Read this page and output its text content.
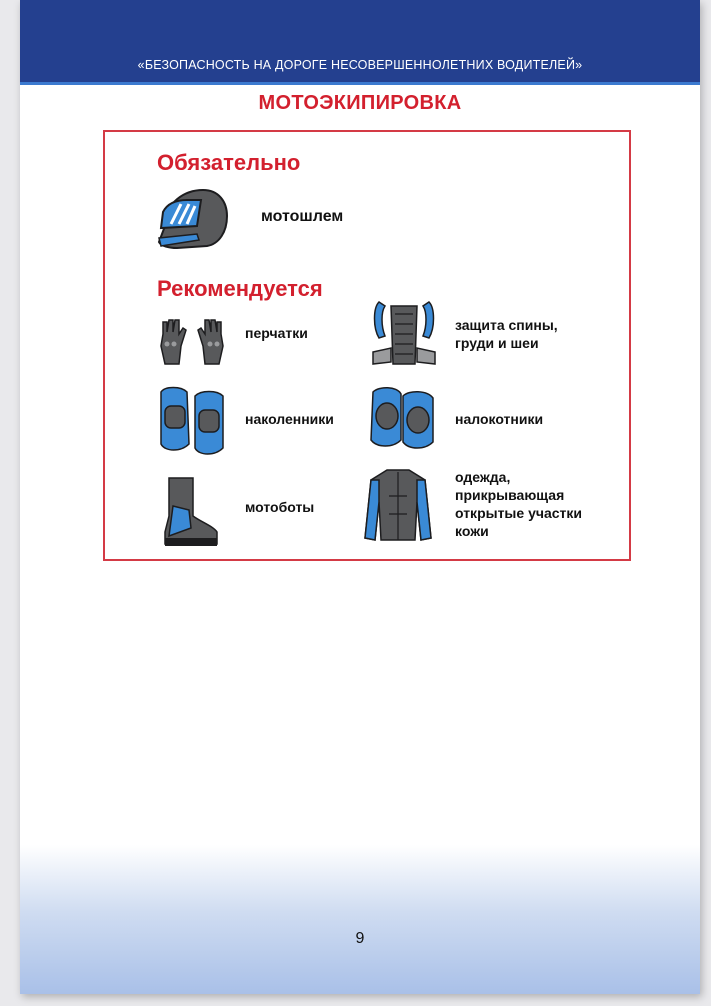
«БЕЗОПАСНОСТЬ НА ДОРОГЕ НЕСОВЕРШЕННОЛЕТНИХ ВОДИТЕЛЕЙ»
МОТОЭКИПИРОВКА
Обязательно
мотошлем
Рекомендуется
перчатки	защита спины, груди и шеи
наколенники	налокотники
мотоботы
одежда, прикрывающая открытые участки кожи
9
